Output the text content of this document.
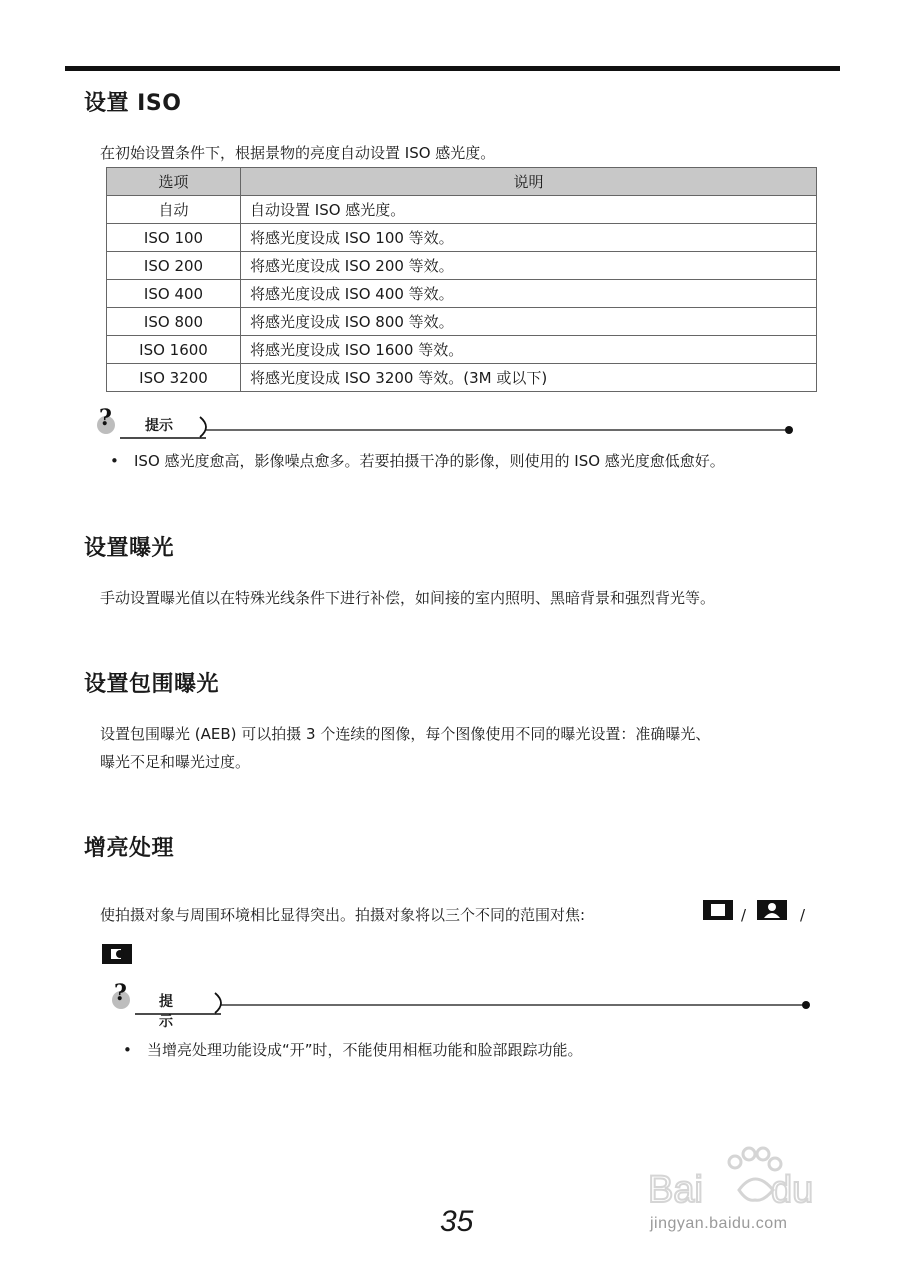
设置 ISO
在初始设置条件下，根据景物的亮度自动设置 ISO 感光度。
选项	说明
自动	自动设置 ISO 感光度。
ISO 100	将感光度设成 ISO 100 等效。
ISO 200	将感光度设成 ISO 200 等效。
ISO 400	将感光度设成 ISO 400 等效。
ISO 800	将感光度设成 ISO 800 等效。
ISO 1600	将感光度设成 ISO 1600 等效。
ISO 3200	将感光度设成 ISO 3200 等效。(3M 或以下)
? 提示
• ISO 感光度愈高，影像噪点愈多。若要拍摄干净的影像，则使用的 ISO 感光度愈低愈好。
设置曝光
手动设置曝光值以在特殊光线条件下进行补偿，如间接的室内照明、黑暗背景和强烈背光等。
设置包围曝光
设置包围曝光 (AEB) 可以拍摄 3 个连续的图像，每个图像使用不同的曝光设置：准确曝光、
曝光不足和曝光过度。
增亮处理
使拍摄对象与周围环境相比显得突出。拍摄对象将以三个不同的范围对焦:	/	/
? 提示
• 当增亮处理功能设成“开”时，不能使用相框功能和脸部跟踪功能。
Bai du
jingyan.baidu.com
35
